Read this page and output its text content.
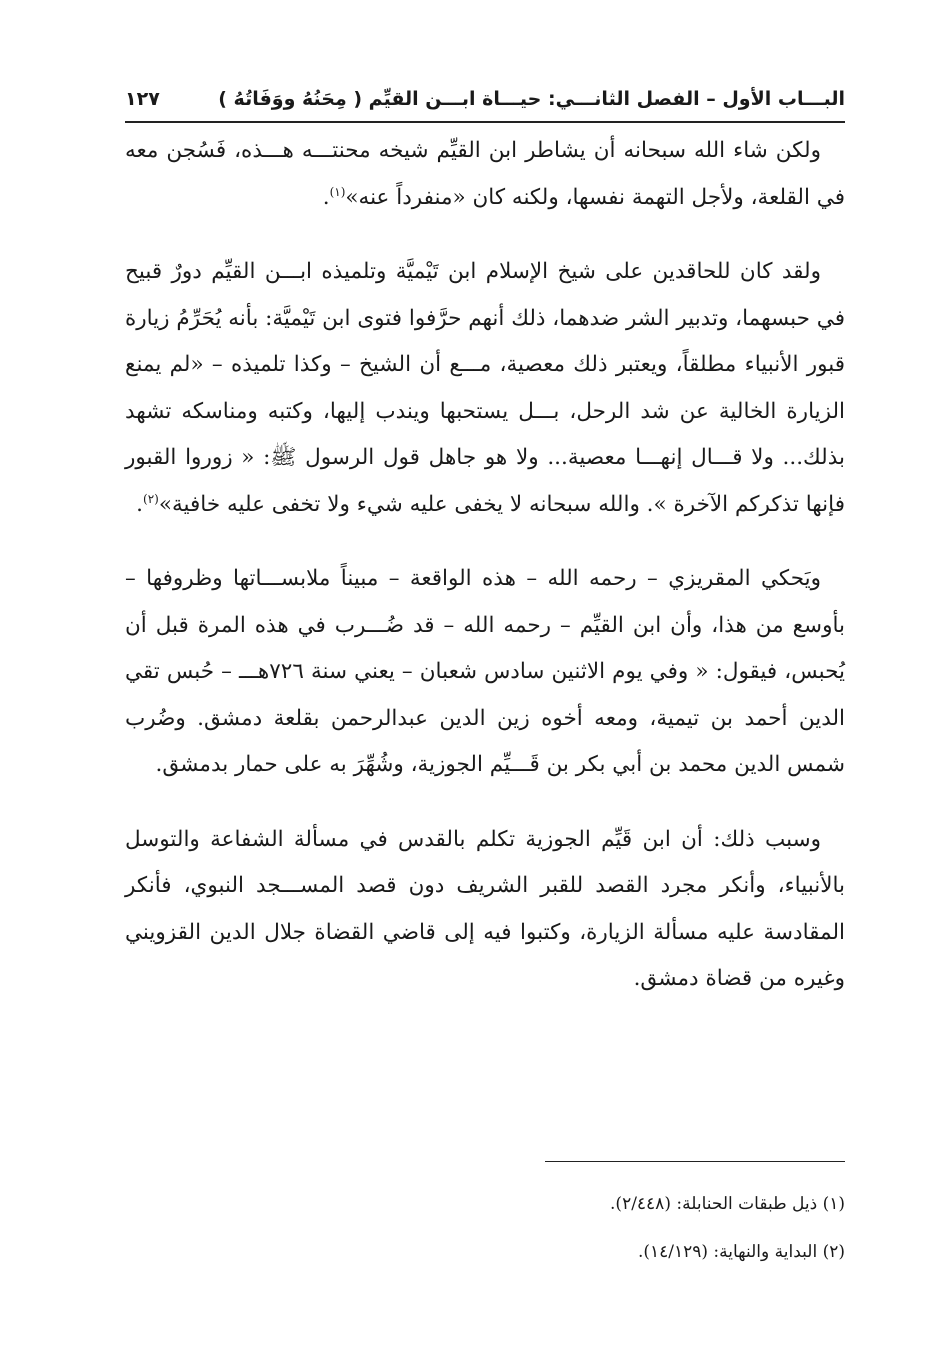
البـــاب الأول – الفصل الثانـــي: حيـــاة ابـــن القيِّم ( مِحَنُهُ ووَفَاتُهُ )
١٢٧

ولكن شاء الله سبحانه أن يشاطر ابن القيِّم شيخه محنتـــه هـــذه، فَسُجن معه في القلعة، ولأجل التهمة نفسها، ولكنه كان «منفرداً عنه»$^{(١)}$.

ولقد كان للحاقدين على شيخ الإسلام ابن تَيْميَّة وتلميذه ابـــن القيِّم دورٌ قبيح في حبسهما، وتدبير الشر ضدهما، ذلك أنهم حرَّفوا فتوى ابن تَيْميَّة: بأنه يُحَرِّمُ زيارة قبور الأنبياء مطلقاً، ويعتبر ذلك معصية، مـــع أن الشيخ – وكذا تلميذه – «لم يمنع الزيارة الخالية عن شد الرحل، بـــل يستحبها ويندب إليها، وكتبه ومناسكه تشهد بذلك... ولا قـــال إنهـــا معصية... ولا هو جاهل قول الرسول ﷺ: « زوروا القبور فإنها تذكركم الآخرة ». والله سبحانه لا يخفى عليه شيء ولا تخفى عليه خافية»$^{(٢)}$.

ويَحكي المقريزي – رحمه الله – هذه الواقعة – مبيناً ملابســـاتها وظروفها – بأوسع من هذا، وأن ابن القيِّم – رحمه الله – قد ضُـــرب في هذه المرة قبل أن يُحبس، فيقول: « وفي يوم الاثنين سادس شعبان – يعني سنة ٧٢٦هـــ – حُبس تقي الدين أحمد بن تيمية، ومعه أخوه زين الدين عبدالرحمن بقلعة دمشق. وضُرب شمس الدين محمد بن أبي بكر بن قَـــيِّم الجوزية، وشُهِّرَ به على حمار بدمشق.

وسبب ذلك: أن ابن قَيِّم الجوزية تكلم بالقدس في مسألة الشفاعة والتوسل بالأنبياء، وأنكر مجرد القصد للقبر الشريف دون قصد المســـجد النبوي، فأنكر المقادسة عليه مسألة الزيارة، وكتبوا فيه إلى قاضي القضاة جلال الدين القزويني وغيره من قضاة دمشق.

(١) ذيل طبقات الحنابلة: (٢/٤٤٨).
(٢) البداية والنهاية: (١٤/١٢٩).
